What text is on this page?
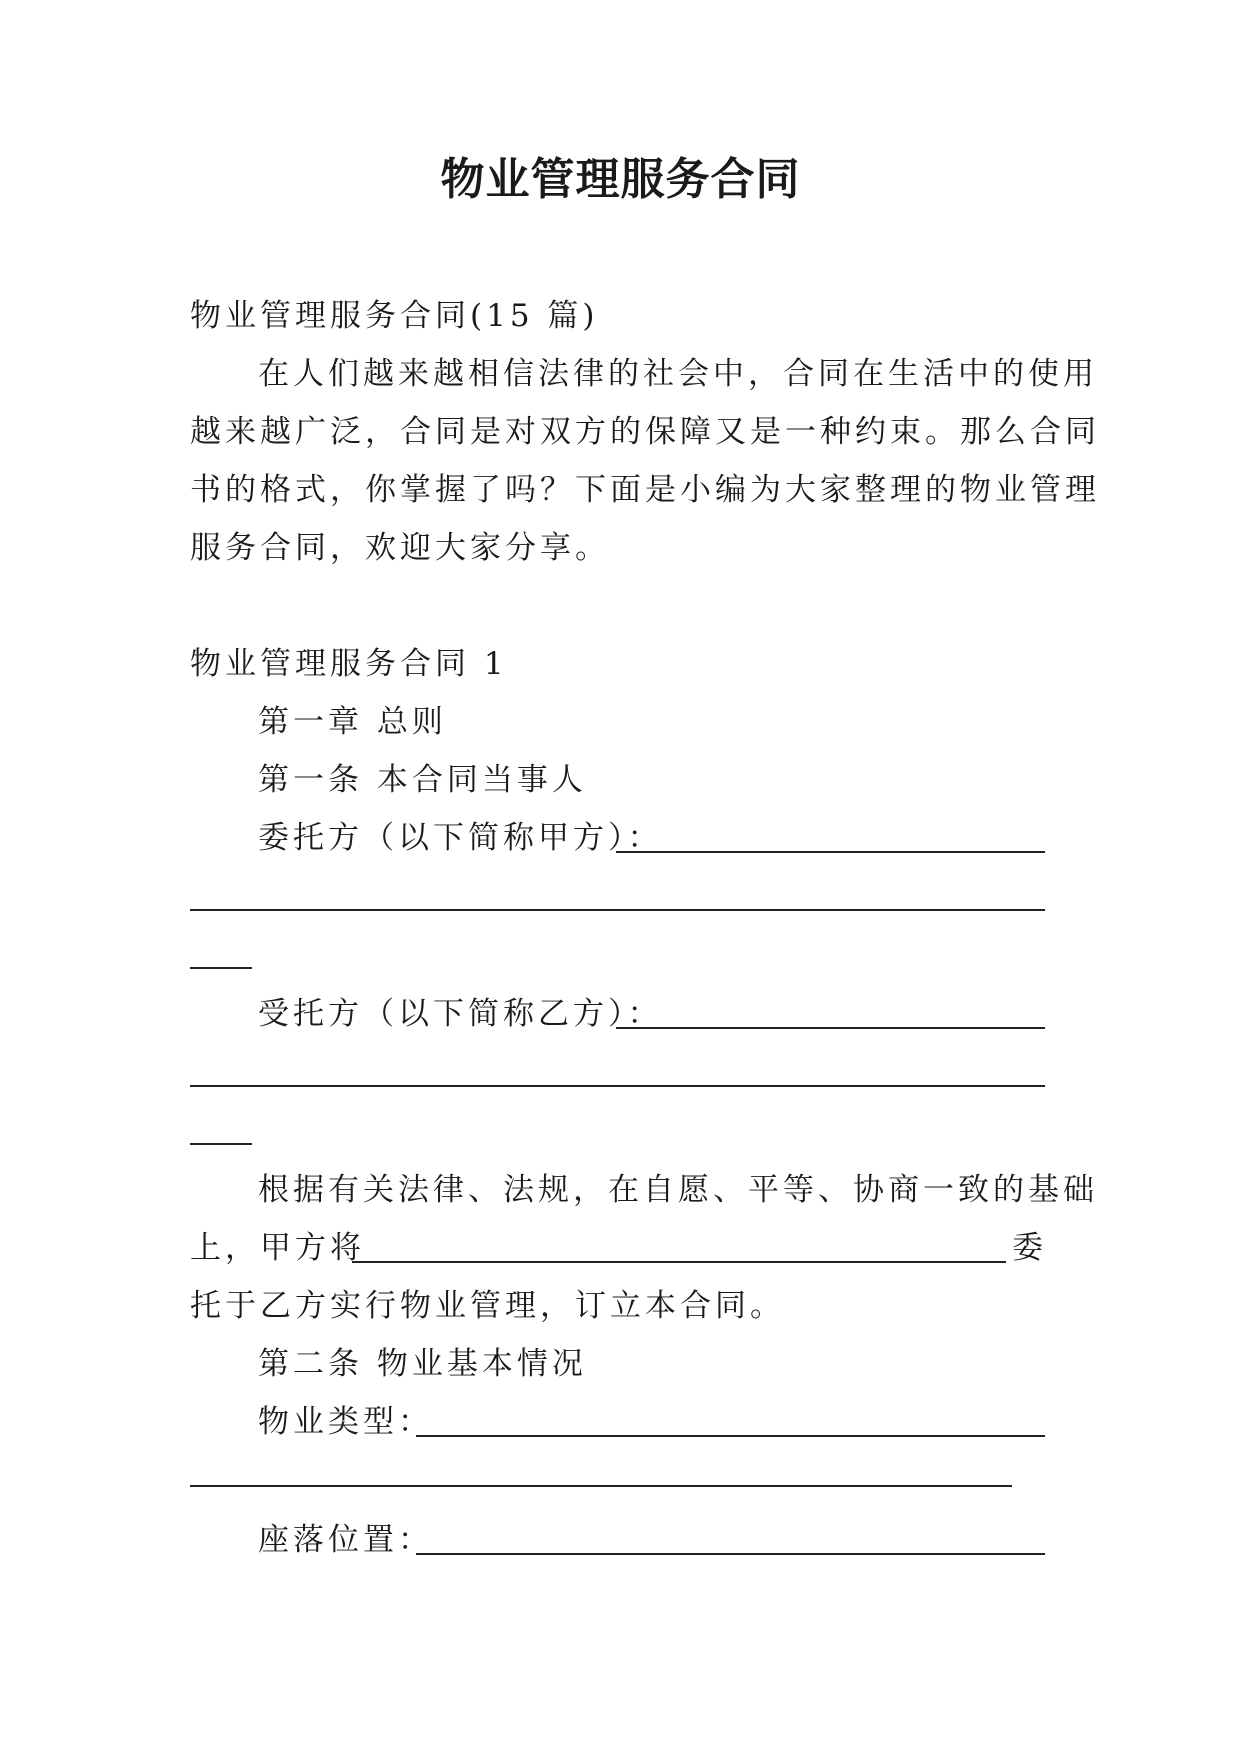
物业管理服务合同

物业管理服务合同(15 篇)

在人们越来越相信法律的社会中，合同在生活中的使用

越来越广泛，合同是对双方的保障又是一种约束。那么合同

书的格式，你掌握了吗？下面是小编为大家整理的物业管理

服务合同，欢迎大家分享。

物业管理服务合同 1

第一章 总则

第一条 本合同当事人

委托方（以下简称甲方）：

受托方（以下简称乙方）：

根据有关法律、法规，在自愿、平等、协商一致的基础

上，甲方将	委

托于乙方实行物业管理，订立本合同。

第二条 物业基本情况

物业类型：

座落位置：
